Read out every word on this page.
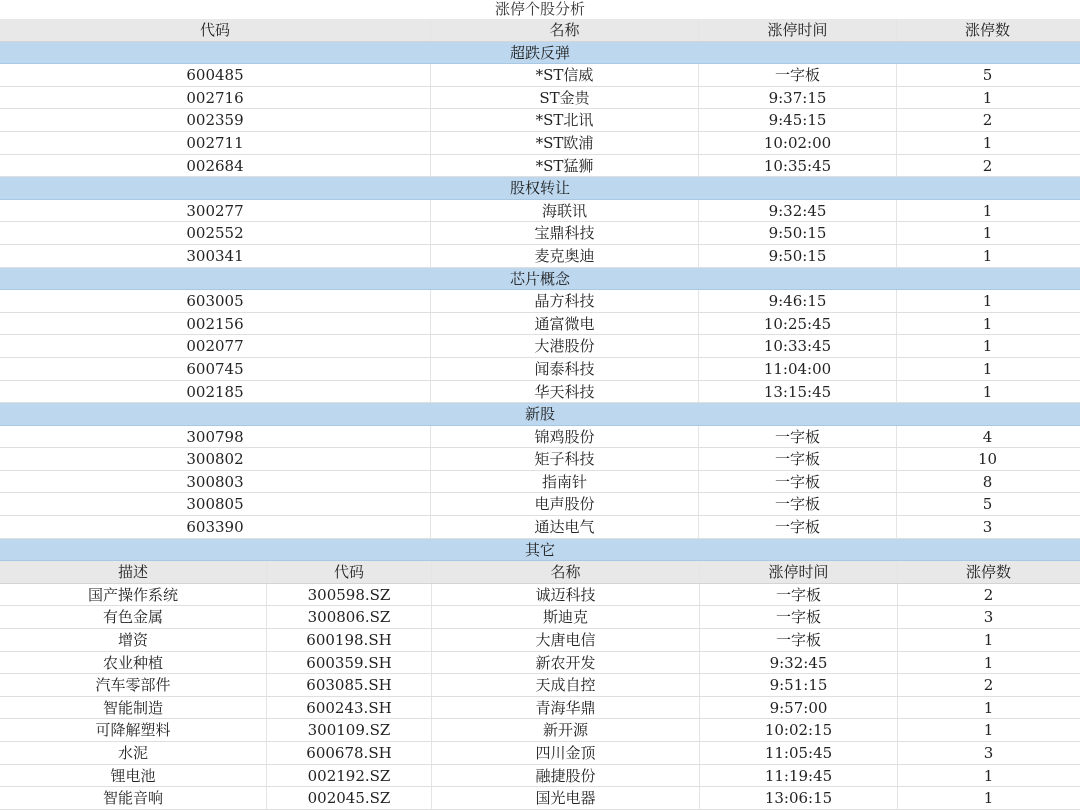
涨停个股分析
代码	名称	涨停时间	涨停数
超跌反弹
600485	*ST信威	一字板	5
002716	ST金贵	9:37:15	1
002359	*ST北讯	9:45:15	2
002711	*ST欧浦	10:02:00	1
002684	*ST猛狮	10:35:45	2
股权转让
300277	海联讯	9:32:45	1
002552	宝鼎科技	9:50:15	1
300341	麦克奥迪	9:50:15	1
芯片概念
603005	晶方科技	9:46:15	1
002156	通富微电	10:25:45	1
002077	大港股份	10:33:45	1
600745	闻泰科技	11:04:00	1
002185	华天科技	13:15:45	1
新股
300798	锦鸡股份	一字板	4
300802	矩子科技	一字板	10
300803	指南针	一字板	8
300805	电声股份	一字板	5
603390	通达电气	一字板	3
其它
描述	代码	名称	涨停时间	涨停数
国产操作系统	300598.SZ	诚迈科技	一字板	2
有色金属	300806.SZ	斯迪克	一字板	3
增资	600198.SH	大唐电信	一字板	1
农业种植	600359.SH	新农开发	9:32:45	1
汽车零部件	603085.SH	天成自控	9:51:15	2
智能制造	600243.SH	青海华鼎	9:57:00	1
可降解塑料	300109.SZ	新开源	10:02:15	1
水泥	600678.SH	四川金顶	11:05:45	3
锂电池	002192.SZ	融捷股份	11:19:45	1
智能音响	002045.SZ	国光电器	13:06:15	1
